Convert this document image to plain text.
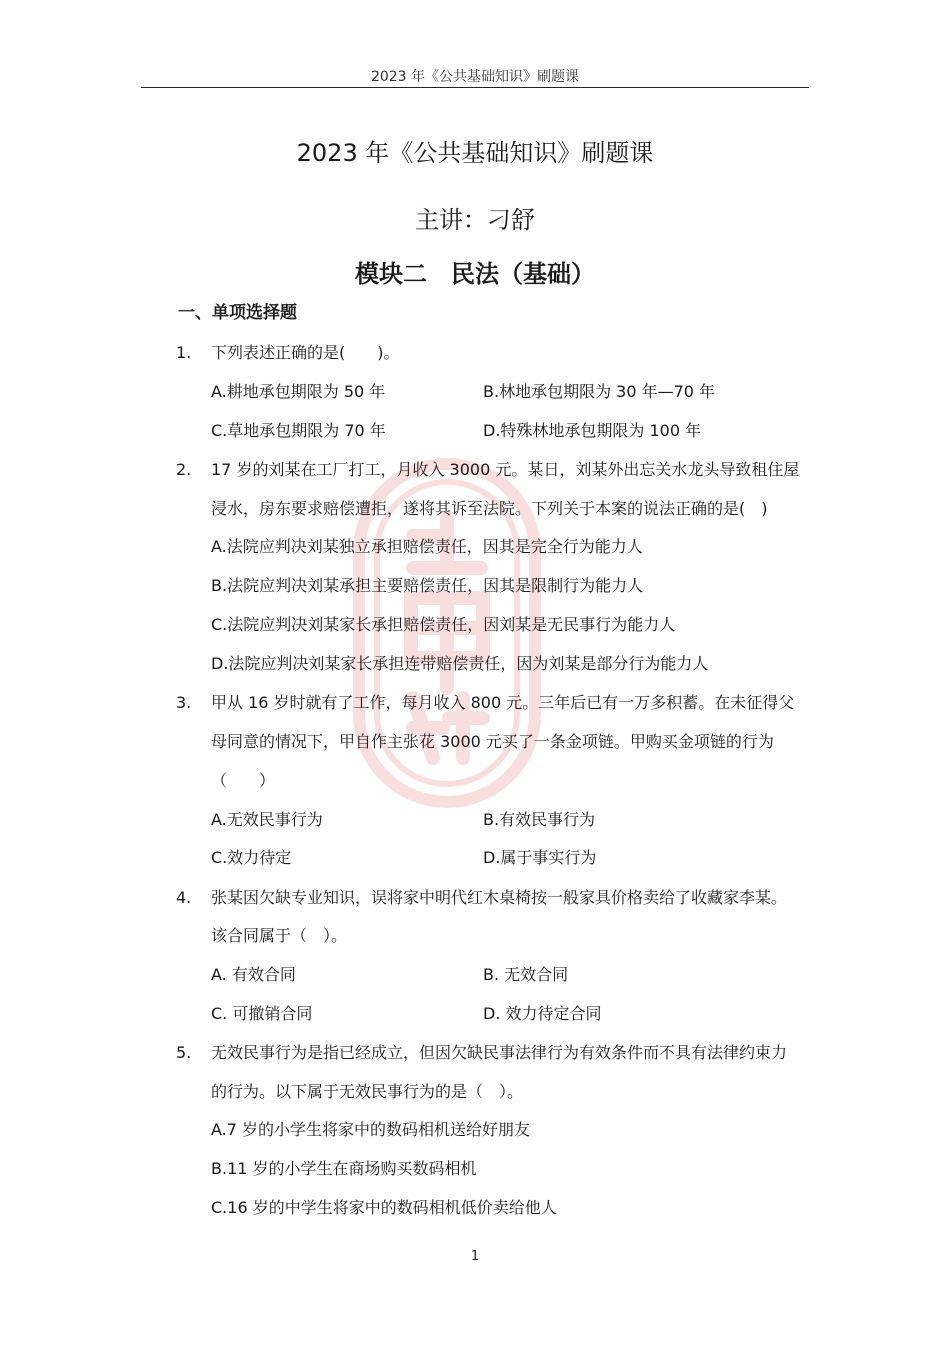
2023 年《公共基础知识》刷题课
2023 年《公共基础知识》刷题课
主讲：刁舒
模块二　民法（基础）
一、单项选择题
1. 下列表述正确的是(　　)。
A.耕地承包期限为 50 年	B.林地承包期限为 30 年—70 年
C.草地承包期限为 70 年	D.特殊林地承包期限为 100 年
2. 17 岁的刘某在工厂打工，月收入 3000 元。某日，刘某外出忘关水龙头导致租住屋
浸水，房东要求赔偿遭拒，遂将其诉至法院。下列关于本案的说法正确的是(　)
A.法院应判决刘某独立承担赔偿责任，因其是完全行为能力人
B.法院应判决刘某承担主要赔偿责任，因其是限制行为能力人
C.法院应判决刘某家长承担赔偿责任，因刘某是无民事行为能力人
D.法院应判决刘某家长承担连带赔偿责任，因为刘某是部分行为能力人
3. 甲从 16 岁时就有了工作，每月收入 800 元。三年后已有一万多积蓄。在未征得父
母同意的情况下，甲自作主张花 3000 元买了一条金项链。甲购买金项链的行为
（　　）
A.无效民事行为	B.有效民事行为
C.效力待定	D.属于事实行为
4. 张某因欠缺专业知识，误将家中明代红木桌椅按一般家具价格卖给了收藏家李某。
该合同属于（　）。
A. 有效合同	B. 无效合同
C. 可撤销合同	D. 效力待定合同
5. 无效民事行为是指已经成立，但因欠缺民事法律行为有效条件而不具有法律约束力
的行为。以下属于无效民事行为的是（　）。
A.7 岁的小学生将家中的数码相机送给好朋友
B.11 岁的小学生在商场购买数码相机
C.16 岁的中学生将家中的数码相机低价卖给他人
1
